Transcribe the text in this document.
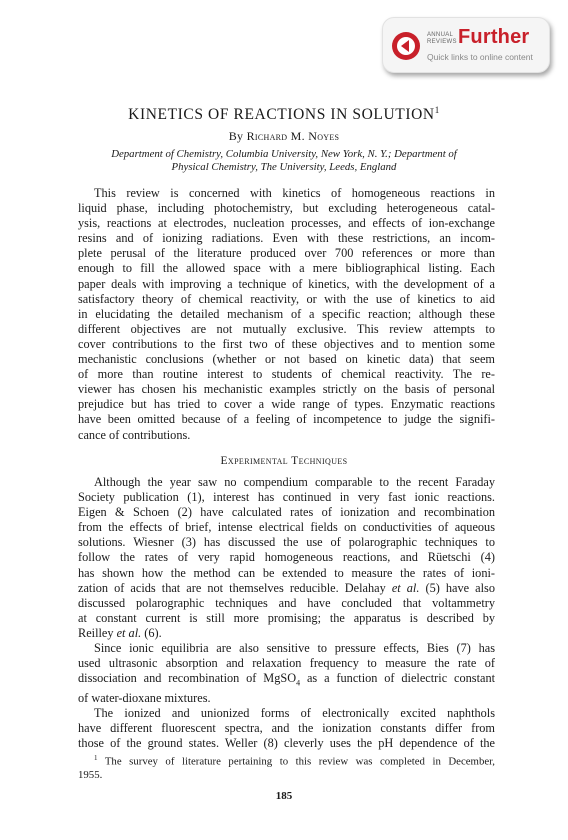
ANNUAL
REVIEWS Further
Quick links to online content
KINETICS OF REACTIONS IN SOLUTION$^1$
By Richard M. Noyes
Department of Chemistry, Columbia University, New York, N. Y.; Department of
Physical Chemistry, The University, Leeds, England
This review is concerned with kinetics of homogeneous reactions in
liquid phase, including photochemistry, but excluding heterogeneous catal-
ysis, reactions at electrodes, nucleation processes, and effects of ion-exchange
resins and of ionizing radiations. Even with these restrictions, an incom-
plete perusal of the literature produced over 700 references or more than
enough to fill the allowed space with a mere bibliographical listing. Each
paper deals with improving a technique of kinetics, with the development of a
satisfactory theory of chemical reactivity, or with the use of kinetics to aid
in elucidating the detailed mechanism of a specific reaction; although these
different objectives are not mutually exclusive. This review attempts to
cover contributions to the first two of these objectives and to mention some
mechanistic conclusions (whether or not based on kinetic data) that seem
of more than routine interest to students of chemical reactivity. The re-
viewer has chosen his mechanistic examples strictly on the basis of personal
prejudice but has tried to cover a wide range of types. Enzymatic reactions
have been omitted because of a feeling of incompetence to judge the signifi-
cance of contributions.
Experimental Techniques
Although the year saw no compendium comparable to the recent Faraday
Society publication (1), interest has continued in very fast ionic reactions.
Eigen & Schoen (2) have calculated rates of ionization and recombination
from the effects of brief, intense electrical fields on conductivities of aqueous
solutions. Wiesner (3) has discussed the use of polarographic techniques to
follow the rates of very rapid homogeneous reactions, and Rüetschi (4)
has shown how the method can be extended to measure the rates of ioni-
zation of acids that are not themselves reducible. Delahay et al. (5) have also
discussed polarographic techniques and have concluded that voltammetry
at constant current is still more promising; the apparatus is described by
Reilley et al. (6).
Since ionic equilibria are also sensitive to pressure effects, Bies (7) has
used ultrasonic absorption and relaxation frequency to measure the rate of
dissociation and recombination of MgSO$_4$ as a function of dielectric constant
of water-dioxane mixtures.
The ionized and unionized forms of electronically excited naphthols
have different fluorescent spectra, and the ionization constants differ from
those of the ground states. Weller (8) cleverly uses the pH dependence of the
$^1$ The survey of literature pertaining to this review was completed in December,
1955.
185
